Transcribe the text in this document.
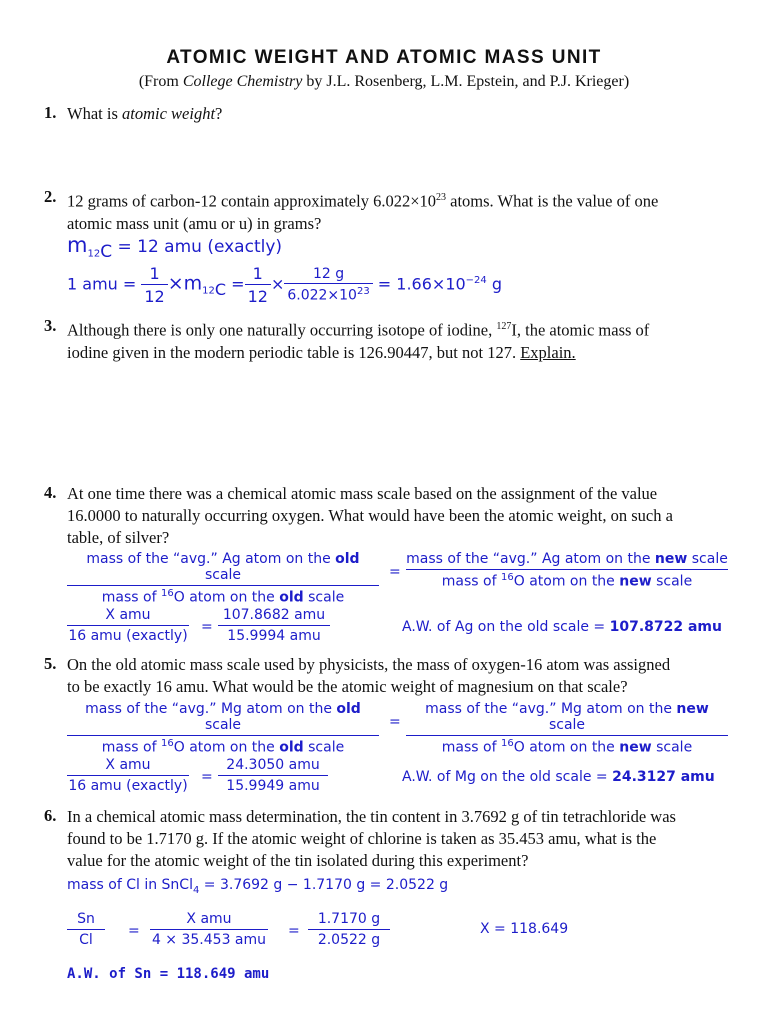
ATOMIC WEIGHT AND ATOMIC MASS UNIT
(From College Chemistry by J.L. Rosenberg, L.M. Epstein, and P.J. Krieger)
1. What is atomic weight?
2. 12 grams of carbon-12 contain approximately $6.022\times 10^{23}$ atoms. What is the value of one
atomic mass unit (amu or u) in grams?
$m_{12}C = 12$ amu (exactly)
1 amu = $\frac{1}{12} \times m_{12}C = \frac{1}{12} \times \frac{12 g}{6.022\times 10^{23}} = 1.66\times 10^{-24}$ g
3. Although there is only one naturally occurring isotope of iodine, $^{127}$I, the atomic mass of
iodine given in the modern periodic table is 126.90447, but not 127. Explain.
4. At one time there was a chemical atomic mass scale based on the assignment of the value
16.0000 to naturally occurring oxygen. What would have been the atomic weight, on such a
table, of silver?
mass of the “avg.” Ag atom on the old scale
mass of $^{16}$O atom on the old scale
=
mass of the “avg.” Ag atom on the new scale
mass of $^{16}$O atom on the new scale
X amu
16 amu (exactly)
=
107.8682 amu
15.9994 amu
A.W. of Ag on the old scale = 107.8722 amu
5. On the old atomic mass scale used by physicists, the mass of oxygen-16 atom was assigned
to be exactly 16 amu. What would be the atomic weight of magnesium on that scale?
mass of the “avg.” Mg atom on the old scale
mass of $^{16}$O atom on the old scale
=
mass of the “avg.” Mg atom on the new scale
mass of $^{16}$O atom on the new scale
X amu
16 amu (exactly)
=
24.3050 amu
15.9949 amu
A.W. of Mg on the old scale = 24.3127 amu
6. In a chemical atomic mass determination, the tin content in 3.7692 g of tin tetrachloride was
found to be 1.7170 g. If the atomic weight of chlorine is taken as 35.453 amu, what is the
value for the atomic weight of the tin isolated during this experiment?
mass of Cl in SnCl$_4$ = 3.7692 g − 1.7170 g = 2.0522 g
Sn
Cl
=
X amu
4 × 35.453 amu
=
1.7170 g
2.0522 g
X = 118.649
A.W. of Sn = 118.649 amu
